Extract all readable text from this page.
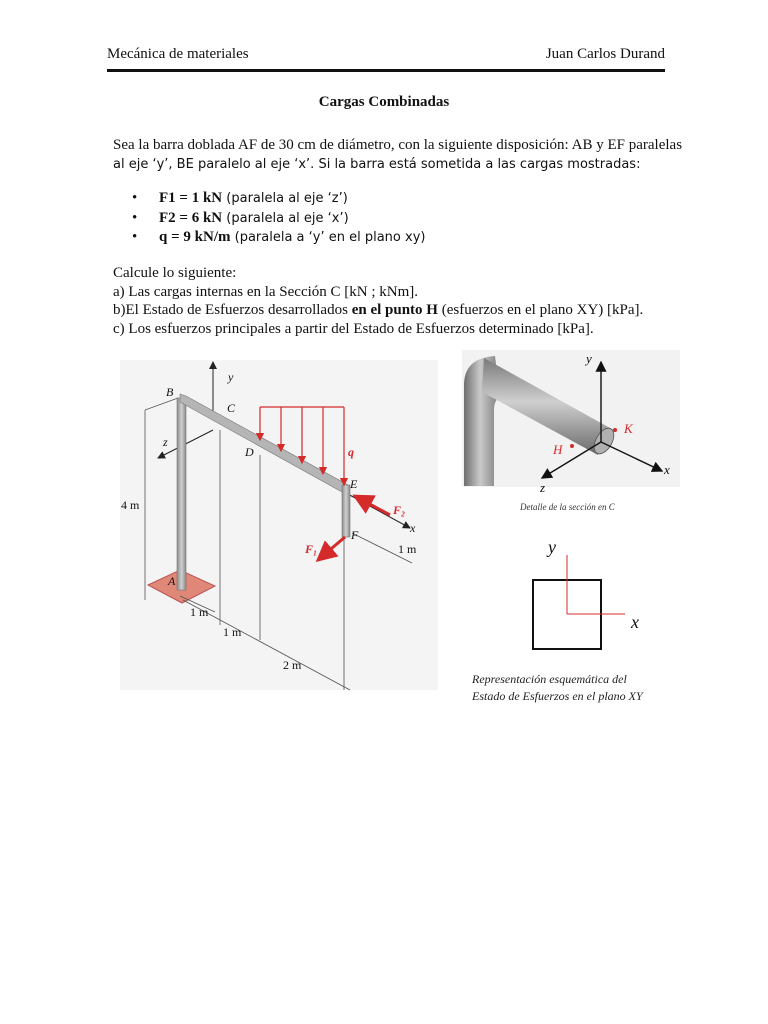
Mecánica de materiales	Juan Carlos Durand
Cargas Combinadas
Sea la barra doblada AF de 30 cm de diámetro, con la siguiente disposición: AB y EF paralelas
al eje ‘y’, BE paralelo al eje ‘x’. Si la barra está sometida a las cargas mostradas:
• F1 = 1 kN (paralela al eje ‘z’)
• F2 = 6 kN (paralela al eje ‘x’)
• q = 9 kN/m (paralela a ‘y’ en el plano xy)
Calcule lo siguiente:
a) Las cargas internas en la Sección C [kN ; kNm].
b)El Estado de Esfuerzos desarrollados en el punto H (esfuerzos en el plano XY) [kPa].
c) Los esfuerzos principales a partir del Estado de Esfuerzos determinado [kPa].
B
C
D
E
F
A
y
z
x
q
F₂
F₁
4 m
1 m
1 m
1 m
2 m
y
x
z
H
K
Detalle de la sección en C
y
x
Representación esquemática del
Estado de Esfuerzos en el plano XY
